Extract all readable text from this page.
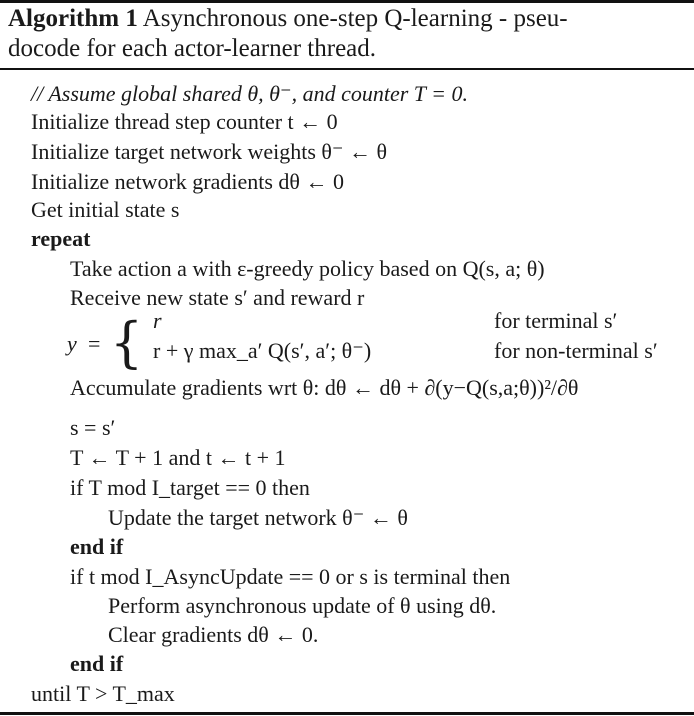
Algorithm 1 Asynchronous one-step Q-learning - pseu-
docode for each actor-learner thread.
// Assume global shared θ, θ⁻, and counter T = 0.
Initialize thread step counter t ← 0
Initialize target network weights θ⁻ ← θ
Initialize network gradients dθ ← 0
Get initial state s
repeat
Take action a with ε-greedy policy based on Q(s, a; θ)
Receive new state s′ and reward r
y = { r
r + γ max_a′ Q(s′, a′; θ⁻)
for terminal s′
for non-terminal s′
Accumulate gradients wrt θ: dθ ← dθ + ∂(y−Q(s,a;θ))²/∂θ
s = s′
T ← T + 1 and t ← t + 1
if T mod I_target == 0 then
Update the target network θ⁻ ← θ
end if
if t mod I_AsyncUpdate == 0 or s is terminal then
Perform asynchronous update of θ using dθ.
Clear gradients dθ ← 0.
end if
until T > T_max
